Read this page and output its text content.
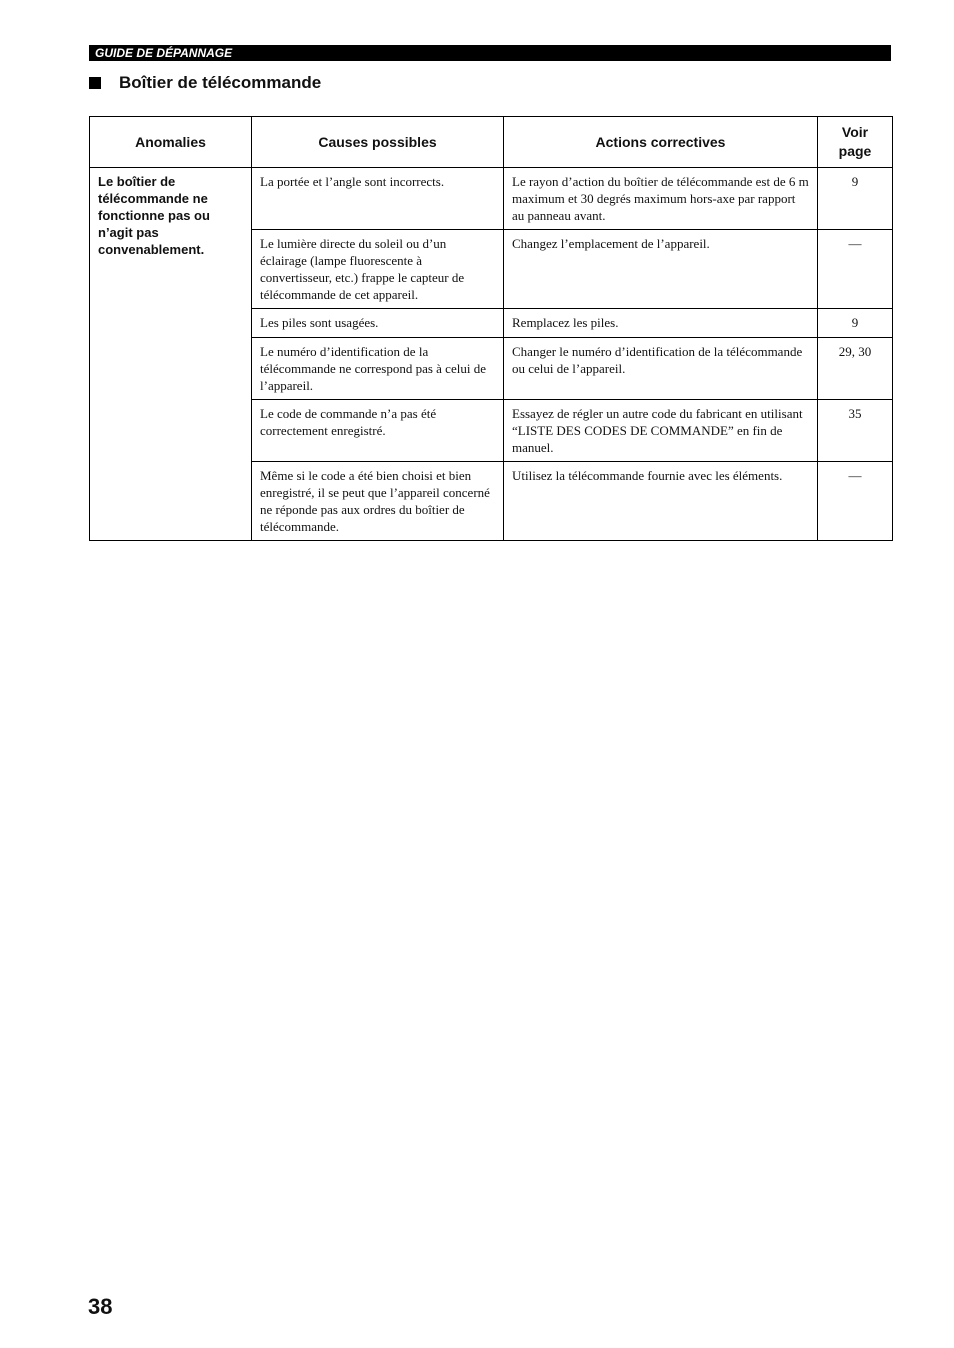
GUIDE DE DÉPANNAGE
Boîtier de télécommande
Anomalies	Causes possibles	Actions correctives	Voir page
Le boîtier de télécommande ne fonctionne pas ou n’agit pas convenablement.	La portée et l’angle sont incorrects.	Le rayon d’action du boîtier de télécommande est de 6 m maximum et 30 degrés maximum hors-axe par rapport au panneau avant.	9
	Le lumière directe du soleil ou d’un éclairage (lampe fluorescente à convertisseur, etc.) frappe le capteur de télécommande de cet appareil.	Changez l’emplacement de l’appareil.	—
	Les piles sont usagées.	Remplacez les piles.	9
	Le numéro d’identification de la télécommande ne correspond pas à celui de l’appareil.	Changer le numéro d’identification de la télécommande ou celui de l’appareil.	29, 30
	Le code de commande n’a pas été correctement enregistré.	Essayez de régler un autre code du fabricant en utilisant “LISTE DES CODES DE COMMANDE” en fin de manuel.	35
	Même si le code a été bien choisi et bien enregistré, il se peut que l’appareil concerné ne réponde pas aux ordres du boîtier de télécommande.	Utilisez la télécommande fournie avec les éléments.	—
38
